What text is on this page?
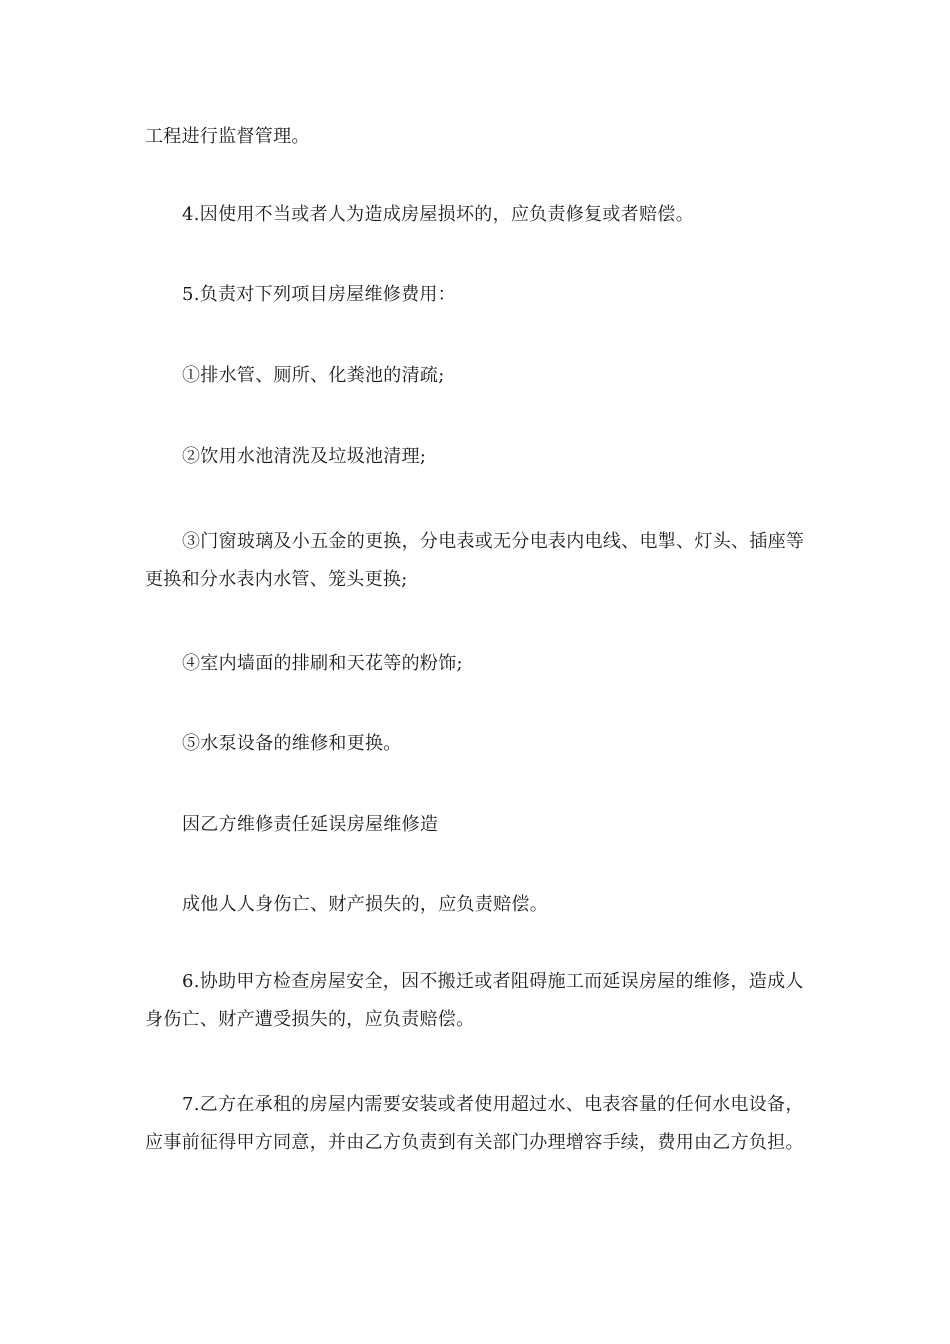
工程进行监督管理。

4.因使用不当或者人为造成房屋损坏的，应负责修复或者赔偿。

5.负责对下列项目房屋维修费用：

①排水管、厕所、化粪池的清疏;

②饮用水池清洗及垃圾池清理;

③门窗玻璃及小五金的更换，分电表或无分电表内电线、电掣、灯头、插座等更换和分水表内水管、笼头更换;

④室内墙面的排刷和天花等的粉饰;

⑤水泵设备的维修和更换。

因乙方维修责任延误房屋维修造

成他人人身伤亡、财产损失的，应负责赔偿。

6.协助甲方检查房屋安全，因不搬迁或者阻碍施工而延误房屋的维修，造成人身伤亡、财产遭受损失的，应负责赔偿。

7.乙方在承租的房屋内需要安装或者使用超过水、电表容量的任何水电设备，应事前征得甲方同意，并由乙方负责到有关部门办理增容手续，费用由乙方负担。
